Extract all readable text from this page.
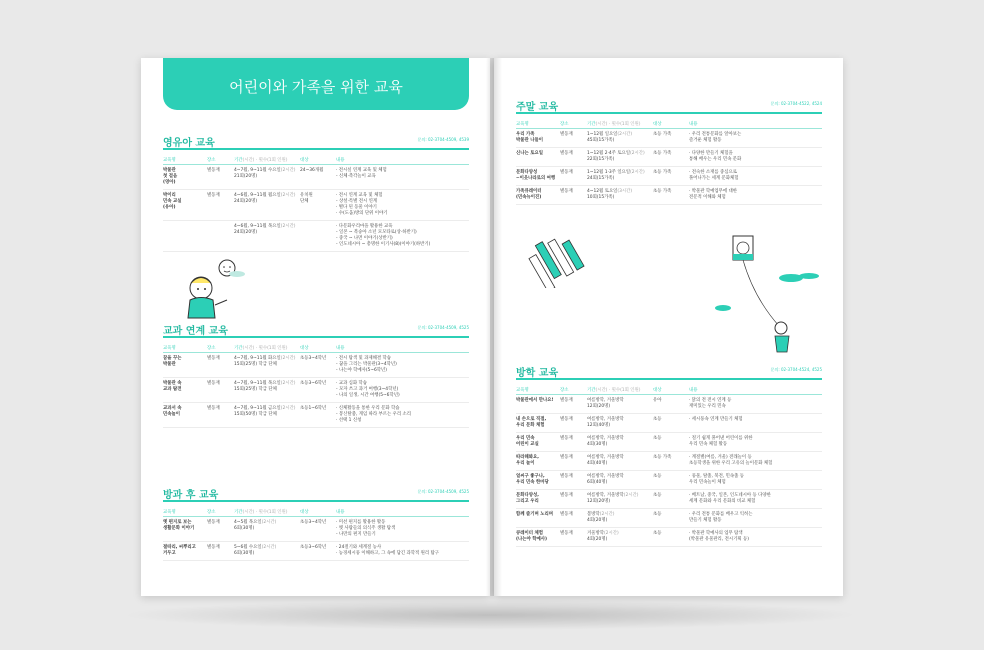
어린이와 가족을 위한 교육
영유아 교육	문의: 02-3704-4509, 4539
교육명	장소	기간(시간) · 횟수(1회 인원)	대상	내용
박물관
첫 걸음
(영아)	별동재	4~7월, 9~11월 수요일(2시간)
21회(20명)	24~36개월	· 전시실 연계 교육 및 체험
- 신체·촉각놀이 교육
박이리
민속 교실
(유아)	별동재	4~6월, 9~11월 월요일(2시간)
24회(20명)	유치원
단체	· 전시 연계 교육 및 체험
- 상설·특별 전시 연계
· 별다 된 동물 이야기
· 수(도움)방의 단위 이야기
		4~6월, 9~11월 목요일(2시간)
24회(20명)		· 다문화우리마을 활용한 교육
- 일본 ~ 복숭아 소년 모모타로(상·하반기)
- 중국 ~ 나면 이야기(상반기)
- 인도네시아 ~ 총명한 이기사(8)(이야기(하반기)
교과 연계 교육	문의: 02-3704-4509, 4525
교육명	장소	기간(시간) · 횟수(1회 인원)	대상	내용
꿈을 꾸는
박물관	별동재	4~7월, 9~11월 화요일(2시간)
15회(25명) 학급 단체	초등3~4학년	· 전시 탐색 및 과제해결 학습
- 꿈을 그리는 박물관(3~4학년)
- 나는야 학예사(5~6학년)
박물관 속
교과 탐전	별동재	4~7월, 9~11월 목요일(2시간)
15회(25명) 학급 단체	초등3~6학년	· 교과 심화 학습
- 모자 쓰고 과거 여행(3~4학년)
- 나의 일생, 시간 여행(5~6학년)
교과서 속
민속놀이	별동재	4~7월, 9~11월 금요일(2시간)
15회(50명) 학급 단체	초등1~6학년	· 신체활동을 통한 우리 문화 학습
- 봉산탈춤, 게임 따라 부르는 우리 소리
· 선택 1 신청
방과 후 교육	문의: 02-3704-4509, 4525
교육명	장소	기간(시간) · 횟수(1회 인원)	대상	내용
옛 편지로 보는
생활문화 이야기	별동재	4~5월 목요일(2시간)
6회(30명)	초등3~4학년	· 미션 편지를 활용한 활동
· 옛 사람들의 의식주 생활 탐색
- 나만의 편지 만들기
절따리, 씨뿌리고
거두고	별동재	5~6월 수요일(2시간)
6회(30명)	초등3~6학년	· 24절기와 세계절 농사
· 농경세시풍 이해하고, 그 속에 담긴 과학적 원리 탐구
주말 교육	문의: 02-3704-4522, 4524
교육명	장소	기간(시간) · 횟수(1회 인원)	대상	내용
우리 가족
박물관 나들이	별동재	1~12월 일요일(2시간)
45회(15가족)	초등 가족	· 우리 전통문화를 알아보는
즐거운 체험 활동
신나는 토요일	별동재	1~12월 2·4주 토요일(2시간)
22회(15가족)	초등 가족	· 다양한 만들기 체험을
통해 배우는 우리 민속 문화
문화다양성
~이웃나라로의 여행	별동재	1~12월 1·3주 일요일(2시간)
24회(15가족)	초등 가족	· 전숙한 소재를 중심으로
풀어나가는 세계 문화체험
가족큐레이터
(민속뉴이진)	별동재	4~12월 토요일(3시간)
10회(15가족)	초등 가족	· 박물관 학예업무에 대한
전문적 이해와 체험
방학 교육	문의: 02-3704-4524, 4525
교육명	장소	기간(시간) · 횟수(1회 인원)	대상	내용
박물관에서 만나요!	별동재	여름방학, 겨울방학
12회(20명)	유아	· 닭의 전 전시 연계 등
재미있는 우리 민속
내 손으로 직접,
우리 문화 체험	별동재	여름방학, 겨울방학
12회(40명)	초등	· 세시풍속 연계 만들기 체험
우리 민속
어린이 교실	별동재	여름방학, 겨울방학
4회(30명)	초등	· 절기 쉽게 풀어낸 어린이를 위한
우리 민속 체험 활동
따라해봐요,
우리 놀이	별동재	여름방학, 겨울방학
4회(40명)	초등 가족	· 계절별(여름, 겨울) 전래놀이 등
초등학생을 위한 우리 고유의 놀이문화 체험
얼씨구 좋구나,
우리 민속 한마당	별동재	여름방학, 겨울방학
6회(40명)	초등	· 풍물, 탈춤, 북전, 민속춤 등
우리 민속놀이 체험
문화다양성,
그리고 우리	별동재	여름방학, 겨울방학(2시간)
12회(20명)	초등	· 베트남, 중국, 일본, 인도네시아 등 다양한
세계 문화와 우리 문화의 비교 체험
함께 즐기며 노리며	별동재	봄방학(2시간)
4회(20명)	초등	· 우리 전통 문화를 배우고 익히는
만들기 체험 활동
큐레이터 체험
(나는야 학예사)	별동재	겨울방학(2시간)
4회(20명)	초등	· 박물관 학예사의 업무 탐색
(박물관 유물관리, 전시기획 등)
